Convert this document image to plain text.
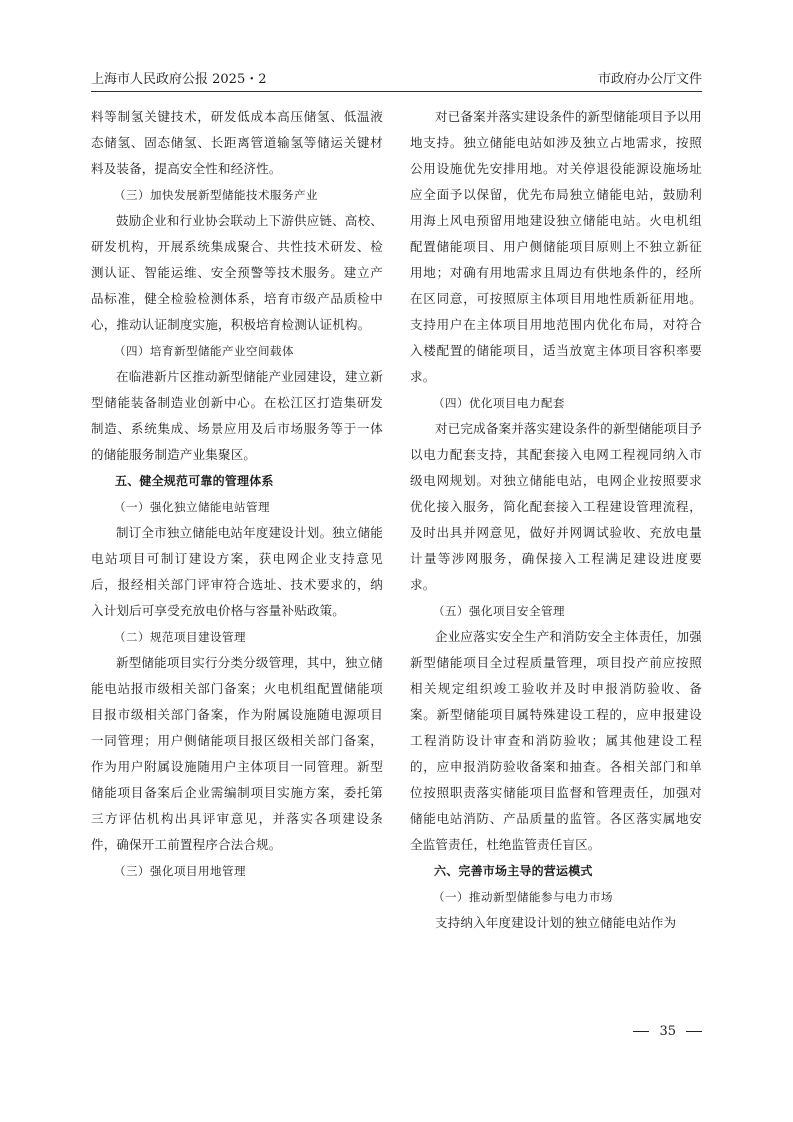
上海市人民政府公报 2025・2	市政府办公厅文件

料等制氢关键技术，研发低成本高压储氢、低温液态储氢、固态储氢、长距离管道输氢等储运关键材料及装备，提高安全性和经济性。

（三）加快发展新型储能技术服务产业

鼓励企业和行业协会联动上下游供应链、高校、研发机构，开展系统集成聚合、共性技术研发、检测认证、智能运维、安全预警等技术服务。建立产品标准，健全检验检测体系，培育市级产品质检中心，推动认证制度实施，积极培育检测认证机构。

（四）培育新型储能产业空间载体

在临港新片区推动新型储能产业园建设，建立新型储能装备制造业创新中心。在松江区打造集研发制造、系统集成、场景应用及后市场服务等于一体的储能服务制造产业集聚区。

五、健全规范可靠的管理体系

（一）强化独立储能电站管理

制订全市独立储能电站年度建设计划。独立储能电站项目可制订建设方案，获电网企业支持意见后，报经相关部门评审符合选址、技术要求的，纳入计划后可享受充放电价格与容量补贴政策。

（二）规范项目建设管理

新型储能项目实行分类分级管理，其中，独立储能电站报市级相关部门备案；火电机组配置储能项目报市级相关部门备案，作为附属设施随电源项目一同管理；用户侧储能项目报区级相关部门备案，作为用户附属设施随用户主体项目一同管理。新型储能项目备案后企业需编制项目实施方案，委托第三方评估机构出具评审意见，并落实各项建设条件，确保开工前置程序合法合规。

（三）强化项目用地管理

对已备案并落实建设条件的新型储能项目予以用地支持。独立储能电站如涉及独立占地需求，按照公用设施优先安排用地。对关停退役能源设施场址应全面予以保留，优先布局独立储能电站，鼓励利用海上风电预留用地建设独立储能电站。火电机组配置储能项目、用户侧储能项目原则上不独立新征用地；对确有用地需求且周边有供地条件的，经所在区同意，可按照原主体项目用地性质新征用地。支持用户在主体项目用地范围内优化布局，对符合入楼配置的储能项目，适当放宽主体项目容积率要求。

（四）优化项目电力配套

对已完成备案并落实建设条件的新型储能项目予以电力配套支持，其配套接入电网工程视同纳入市级电网规划。对独立储能电站，电网企业按照要求优化接入服务，简化配套接入工程建设管理流程，及时出具并网意见，做好并网调试验收、充放电量计量等涉网服务，确保接入工程满足建设进度要求。

（五）强化项目安全管理

企业应落实安全生产和消防安全主体责任，加强新型储能项目全过程质量管理，项目投产前应按照相关规定组织竣工验收并及时申报消防验收、备案。新型储能项目属特殊建设工程的，应申报建设工程消防设计审查和消防验收；属其他建设工程的，应申报消防验收备案和抽查。各相关部门和单位按照职责落实储能项目监督和管理责任，加强对储能电站消防、产品质量的监管。各区落实属地安全监管责任，杜绝监管责任盲区。

六、完善市场主导的营运模式

（一）推动新型储能参与电力市场

支持纳入年度建设计划的独立储能电站作为

35
